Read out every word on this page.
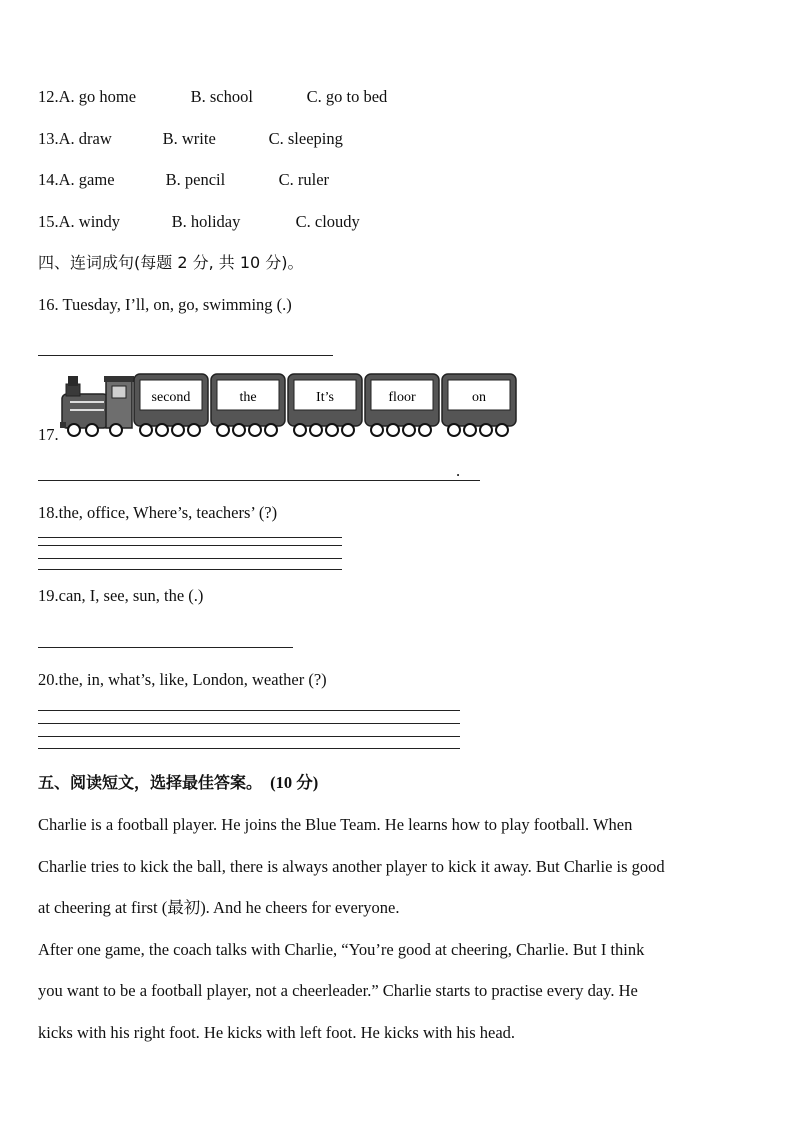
12.A. go home	B. school	C. go to bed
13.A. draw	B. write	C. sleeping
14.A. game	B. pencil	C. ruler
15.A. windy	B. holiday	C. cloudy
四、连词成句(每题 2 分, 共 10 分)。
16. Tuesday, I’ll, on, go, swimming (.)
17.
second	the	It’s	floor	on
.
18.the, office, Where’s, teachers’ (?)
19.can, I, see, sun, the (.)
20.the, in, what’s, like, London, weather (?)
五、阅读短文，选择最佳答案。 (10 分)
Charlie is a football player. He joins the Blue Team. He learns how to play football. When
Charlie tries to kick the ball, there is always another player to kick it away. But Charlie is good
at cheering at first (最初). And he cheers for everyone.
After one game, the coach talks with Charlie, “You’re good at cheering, Charlie. But I think
you want to be a football player, not a cheerleader.” Charlie starts to practise every day. He
kicks with his right foot. He kicks with left foot. He kicks with his head.
